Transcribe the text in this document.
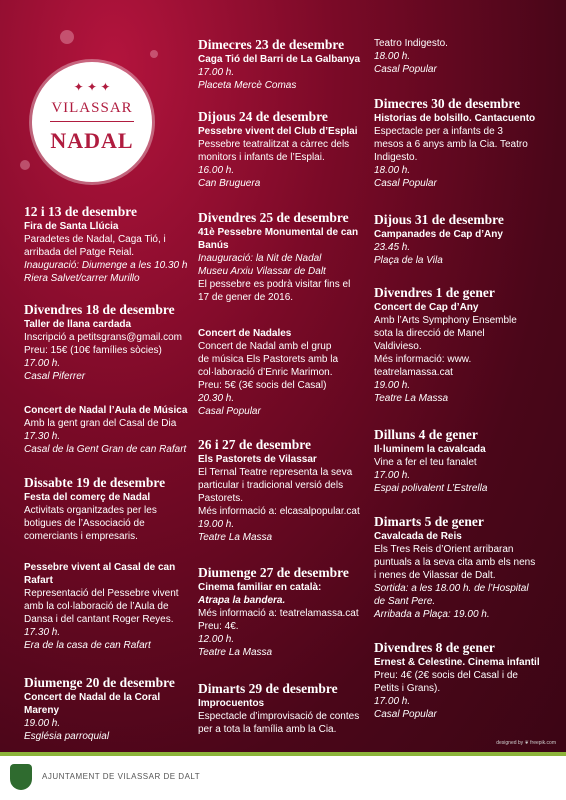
✦ ✦ ✦
VILASSAR
NADAL
12 i 13 de desembre
Fira de Santa Llúcia
Paradetes de Nadal, Caga Tió, i
arribada del Patge Reial.
Inauguració: Diumenge a les 10.30 h
Riera Salvet/carrer Murillo
Divendres 18 de desembre
Taller de llana cardada
Inscripció a petitsgrans@gmail.com
Preu: 15€ (10€ famílies sòcies)
17.00 h.
Casal Piferrer
Concert de Nadal l’Aula de Música
Amb la gent gran del Casal de Dia
17.30 h.
Casal de la Gent Gran de can Rafart
Dissabte 19 de desembre
Festa del comerç de Nadal
Activitats organitzades per les
botigues de l’Associació de
comerciants i empresaris.
Pessebre vivent al Casal de can Rafart
Representació del Pessebre vivent
amb la col·laboració de l’Aula de
Dansa i del cantant Roger Reyes.
17.30 h.
Era de la casa de can Rafart
Diumenge 20 de desembre
Concert de Nadal de la Coral Mareny
19.00 h.
Església parroquial
Dimecres 23 de desembre
Caga Tió del Barri de La Galbanya
17.00 h.
Placeta Mercè Comas
Dijous 24 de desembre
Pessebre vivent del Club d’Esplai
Pessebre teatralitzat a càrrec dels
monitors i infants de l’Esplai.
16.00 h.
Can Bruguera
Divendres 25 de desembre
41è Pessebre Monumental de can Banús
Inauguració: la Nit de Nadal
Museu Arxiu Vilassar de Dalt
El pessebre es podrà visitar fins el
17 de gener de 2016.
Concert de Nadales
Concert de Nadal amb el grup
de música Els Pastorets amb la
col·laboració d’Enric Marimon.
Preu: 5€ (3€ socis del Casal)
20.30 h.
Casal Popular
26 i 27 de desembre
Els Pastorets de Vilassar
El Ternal Teatre representa la seva
particular i tradicional versió dels
Pastorets.
Més informació a: elcasalpopular.cat
19.00 h.
Teatre La Massa
Diumenge 27 de desembre
Cinema familiar en català:
Atrapa la bandera.
Més informació a: teatrelamassa.cat
Preu: 4€.
12.00 h.
Teatre La Massa
Dimarts 29 de desembre
Improcuentos
Espectacle d’improvisació de contes
per a tota la família amb la Cia.
Teatro Indigesto.
18.00 h.
Casal Popular
Dimecres 30 de desembre
Historias de bolsillo. Cantacuento
Espectacle per a infants de 3
mesos a 6 anys amb la Cia. Teatro
Indigesto.
18.00 h.
Casal Popular
Dijous 31 de desembre
Campanades de Cap d’Any
23.45 h.
Plaça de la Vila
Divendres 1 de gener
Concert de Cap d’Any
Amb l’Arts Symphony Ensemble
sota la direcció de Manel
Valdivieso.
Més informació: www.
teatrelamassa.cat
19.00 h.
Teatre La Massa
Dilluns 4 de gener
Il·luminem la cavalcada
Vine a fer el teu fanalet
17.00 h.
Espai polivalent L’Estrella
Dimarts 5 de gener
Cavalcada de Reis
Els Tres Reis d’Orient arribaran
puntuals a la seva cita amb els nens
i nenes de Vilassar de Dalt.
Sortida: a les 18.00 h. de l’Hospital
de Sant Pere.
Arribada a Plaça: 19.00 h.
Divendres 8 de gener
Ernest & Celestine. Cinema infantil
Preu: 4€ (2€ socis del Casal i de
Petits i Grans).
17.00 h.
Casal Popular
AJUNTAMENT DE VILASSAR DE DALT
designed by ❦ freepik.com
